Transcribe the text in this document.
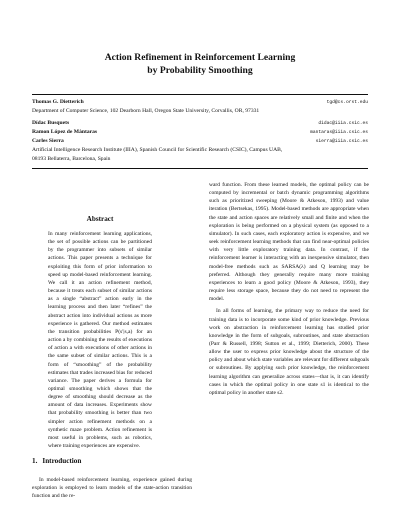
Action Refinement in Reinforcement Learning
by Probability Smoothing
Thomas G. Dietterich	tgd@cs.orst.edu
Department of Computer Science, 102 Dearborn Hall, Oregon State University, Corvallis, OR, 97331
Dídac Busquets	didac@iiia.csic.es
Ramon López de Màntaras	mantaras@iiia.csic.es
Carles Sierra	sierra@iiia.csic.es
Artificial Intelligence Research Institute (IIIA), Spanish Council for Scientific Research (CSIC), Campus UAB,
08193 Bellaterra, Barcelona, Spain
Abstract

In many reinforcement learning applications, the set of possible actions can be partitioned by the programmer into subsets of similar actions. This paper presents a technique for exploiting this form of prior information to speed up model-based reinforcement learning. We call it an action refinement method, because it treats each subset of similar actions as a single “abstract” action early in the learning process and then later “refines” the abstract action into individual actions as more experience is gathered. Our method estimates the transition probabilities P(s′|s,a) for an action a by combining the results of executions of action a with executions of other actions in the same subset of similar actions. This is a form of “smoothing” of the probability estimates that trades increased bias for reduced variance. The paper derives a formula for optimal smoothing which shows that the degree of smoothing should decrease as the amount of data increases. Experiments show that probability smoothing is better than two simpler action refinement methods on a synthetic maze problem. Action refinement is most useful in problems, such as robotics, where training experiences are expensive.

1. Introduction

In model-based reinforcement learning, experience gained during exploration is employed to learn models of the state-action transition function and the re-

ward function. From these learned models, the optimal policy can be computed by incremental or batch dynamic programming algorithms such as prioritized sweeping (Moore & Atkeson, 1993) and value iteration (Bertsekas, 1995). Model-based methods are appropriate when the state and action spaces are relatively small and finite and when the exploration is being performed on a physical system (as opposed to a simulator). In such cases, each exploratory action is expensive, and we seek reinforcement learning methods that can find near-optimal policies with very little exploratory training data. In contrast, if the reinforcement learner is interacting with an inexpensive simulator, then model-free methods such as SARSA(λ) and Q learning may be preferred. Although they generally require many more training experiences to learn a good policy (Moore & Atkeson, 1993), they require less storage space, because they do not need to represent the model.

In all forms of learning, the primary way to reduce the need for training data is to incorporate some kind of prior knowledge. Previous work on abstraction in reinforcement learning has studied prior knowledge in the form of subgoals, subroutines, and state abstraction (Parr & Russell, 1998; Sutton et al., 1999; Dietterich, 2000). These allow the user to express prior knowledge about the structure of the policy and about which state variables are relevant for different subgoals or subroutines. By applying such prior knowledge, the reinforcement learning algorithm can generalize across states—that is, it can identify cases in which the optimal policy in one state s1 is identical to the optimal policy in another state s2.
